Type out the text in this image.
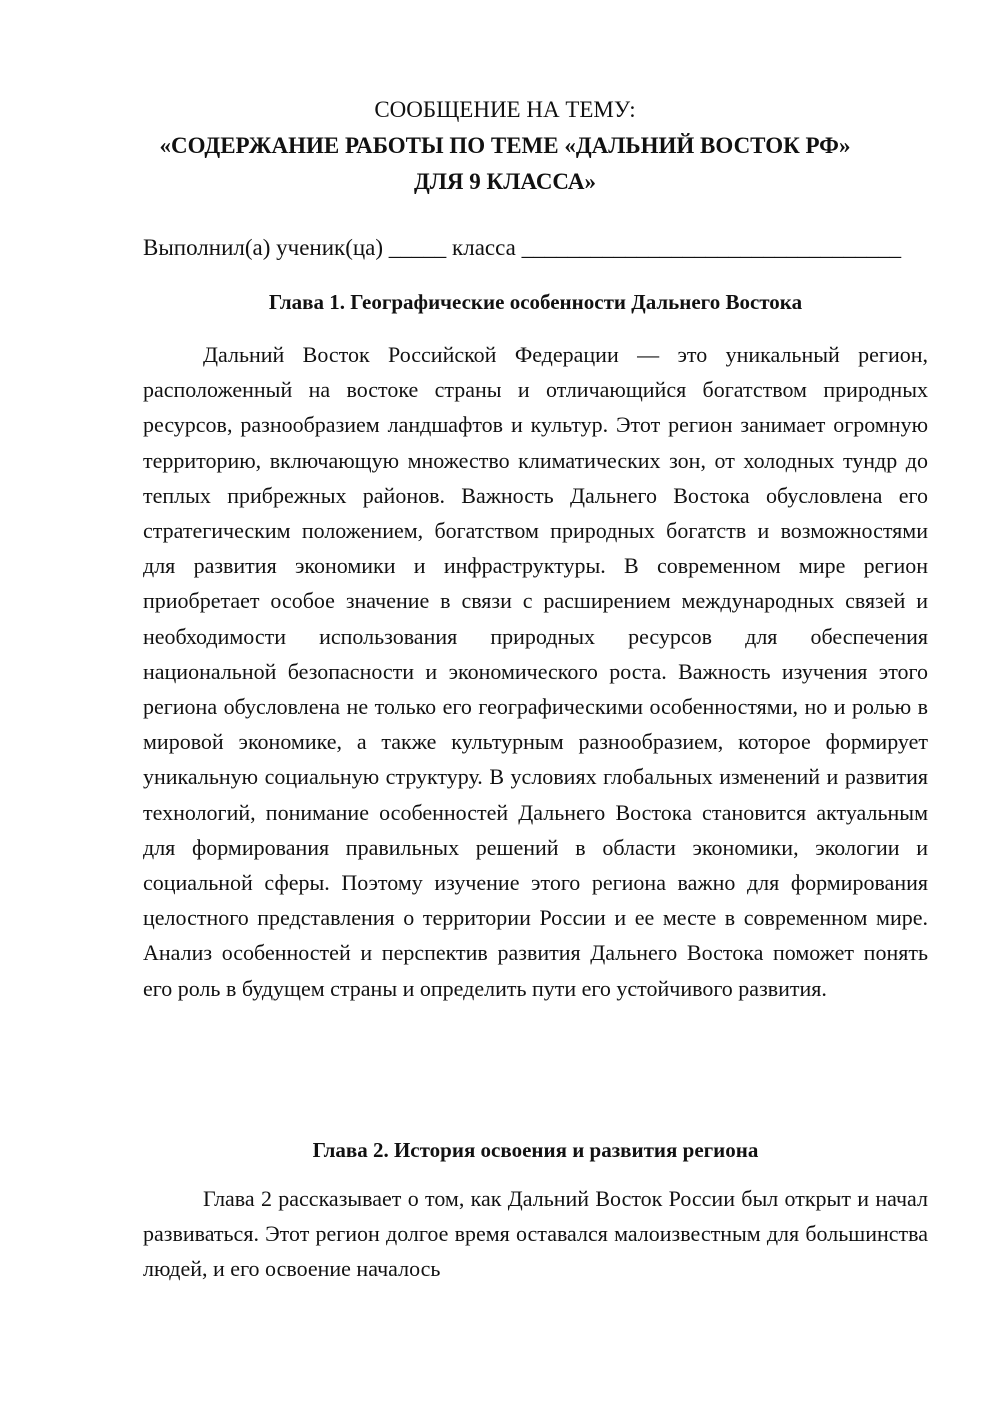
СООБЩЕНИЕ НА ТЕМУ:

«СОДЕРЖАНИЕ РАБОТЫ ПО ТЕМЕ «ДАЛЬНИЙ ВОСТОК РФ»

ДЛЯ 9 КЛАССА»

Выполнил(а) ученик(ца) _____ класса _________________________________

Глава 1. Географические особенности Дальнего Востока

Дальний Восток Российской Федерации — это уникальный регион, расположенный на востоке страны и отличающийся богатством природных ресурсов, разнообразием ландшафтов и культур. Этот регион занимает огромную территорию, включающую множество климатических зон, от холодных тундр до теплых прибрежных районов. Важность Дальнего Востока обусловлена его стратегическим положением, богатством природных богатств и возможностями для развития экономики и инфраструктуры. В современном мире регион приобретает особое значение в связи с расширением международных связей и необходимости использования природных ресурсов для обеспечения национальной безопасности и экономического роста. Важность изучения этого региона обусловлена не только его географическими особенностями, но и ролью в мировой экономике, а также культурным разнообразием, которое формирует уникальную социальную структуру. В условиях глобальных изменений и развития технологий, понимание особенностей Дальнего Востока становится актуальным для формирования правильных решений в области экономики, экологии и социальной сферы. Поэтому изучение этого региона важно для формирования целостного представления о территории России и ее месте в современном мире. Анализ особенностей и перспектив развития Дальнего Востока поможет понять его роль в будущем страны и определить пути его устойчивого развития.

Глава 2. История освоения и развития региона

Глава 2 рассказывает о том, как Дальний Восток России был открыт и начал развиваться. Этот регион долгое время оставался малоизвестным для большинства людей, и его освоение началось
